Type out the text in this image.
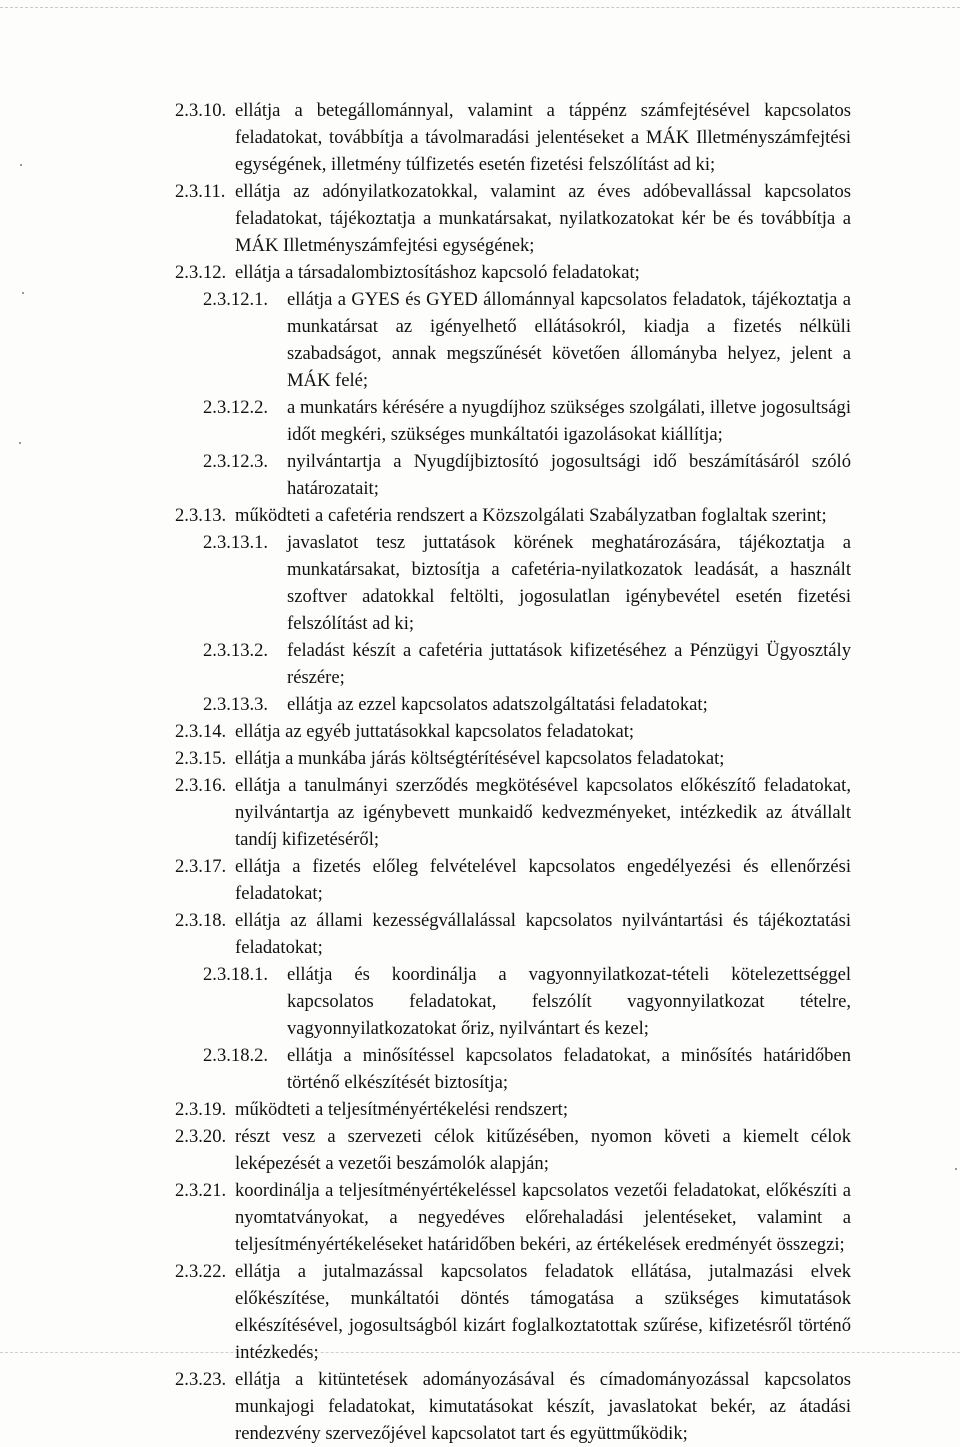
2.3.10. ellátja a betegállománnyal, valamint a táppénz számfejtésével kapcsolatos feladatokat, továbbítja a távolmaradási jelentéseket a MÁK Illetményszámfejtési egységének, illetmény túlfizetés esetén fizetési felszólítást ad ki;
2.3.11. ellátja az adónyilatkozatokkal, valamint az éves adóbevallással kapcsolatos feladatokat, tájékoztatja a munkatársakat, nyilatkozatokat kér be és továbbítja a MÁK Illetményszámfejtési egységének;
2.3.12. ellátja a társadalombiztosításhoz kapcsoló feladatokat;
2.3.12.1. ellátja a GYES és GYED állománnyal kapcsolatos feladatok, tájékoztatja a munkatársat az igényelhető ellátásokról, kiadja a fizetés nélküli szabadságot, annak megszűnését követően állományba helyez, jelent a MÁK felé;
2.3.12.2. a munkatárs kérésére a nyugdíjhoz szükséges szolgálati, illetve jogosultsági időt megkéri, szükséges munkáltatói igazolásokat kiállítja;
2.3.12.3. nyilvántartja a Nyugdíjbiztosító jogosultsági idő beszámításáról szóló határozatait;
2.3.13. működteti a cafetéria rendszert a Közszolgálati Szabályzatban foglaltak szerint;
2.3.13.1. javaslatot tesz juttatások körének meghatározására, tájékoztatja a munkatársakat, biztosítja a cafetéria-nyilatkozatok leadását, a használt szoftver adatokkal feltölti, jogosulatlan igénybevétel esetén fizetési felszólítást ad ki;
2.3.13.2. feladást készít a cafetéria juttatások kifizetéséhez a Pénzügyi Ügyosztály részére;
2.3.13.3. ellátja az ezzel kapcsolatos adatszolgáltatási feladatokat;
2.3.14. ellátja az egyéb juttatásokkal kapcsolatos feladatokat;
2.3.15. ellátja a munkába járás költségtérítésével kapcsolatos feladatokat;
2.3.16. ellátja a tanulmányi szerződés megkötésével kapcsolatos előkészítő feladatokat, nyilvántartja az igénybevett munkaidő kedvezményeket, intézkedik az átvállalt tandíj kifizetéséről;
2.3.17. ellátja a fizetés előleg felvételével kapcsolatos engedélyezési és ellenőrzési feladatokat;
2.3.18. ellátja az állami kezességvállalással kapcsolatos nyilvántartási és tájékoztatási feladatokat;
2.3.18.1. ellátja és koordinálja a vagyonnyilatkozat-tételi kötelezettséggel kapcsolatos feladatokat, felszólít vagyonnyilatkozat tételre, vagyonnyilatkozatokat őriz, nyilvántart és kezel;
2.3.18.2. ellátja a minősítéssel kapcsolatos feladatokat, a minősítés határidőben történő elkészítését biztosítja;
2.3.19. működteti a teljesítményértékelési rendszert;
2.3.20. részt vesz a szervezeti célok kitűzésében, nyomon követi a kiemelt célok leképezését a vezetői beszámolók alapján;
2.3.21. koordinálja a teljesítményértékeléssel kapcsolatos vezetői feladatokat, előkészíti a nyomtatványokat, a negyedéves előrehaladási jelentéseket, valamint a teljesítményértékeléseket határidőben bekéri, az értékelések eredményét összegzi;
2.3.22. ellátja a jutalmazással kapcsolatos feladatok ellátása, jutalmazási elvek előkészítése, munkáltatói döntés támogatása a szükséges kimutatások elkészítésével, jogosultságból kizárt foglalkoztatottak szűrése, kifizetésről történő intézkedés;
2.3.23. ellátja a kitüntetések adományozásával és címadományozással kapcsolatos munkajogi feladatokat, kimutatásokat készít, javaslatokat bekér, az átadási rendezvény szervezőjével kapcsolatot tart és együttműködik;
